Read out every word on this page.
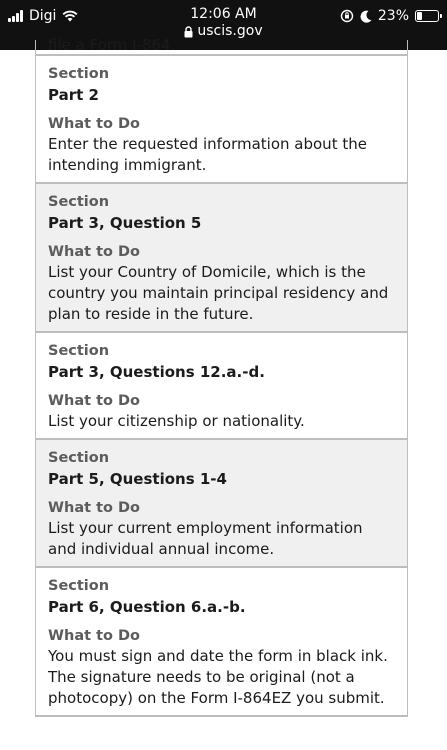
Digi	12:06 AM
uscis.gov
23%
file a Form I-864.
Section
Part 2
What to Do
Enter the requested information about the intending immigrant.
Section
Part 3, Question 5
What to Do
List your Country of Domicile, which is the country you maintain principal residency and plan to reside in the future.
Section
Part 3, Questions 12.a.-d.
What to Do
List your citizenship or nationality.
Section
Part 5, Questions 1-4
What to Do
List your current employment information and individual annual income.
Section
Part 6, Question 6.a.-b.
What to Do
You must sign and date the form in black ink. The signature needs to be original (not a photocopy) on the Form I-864EZ you submit.
